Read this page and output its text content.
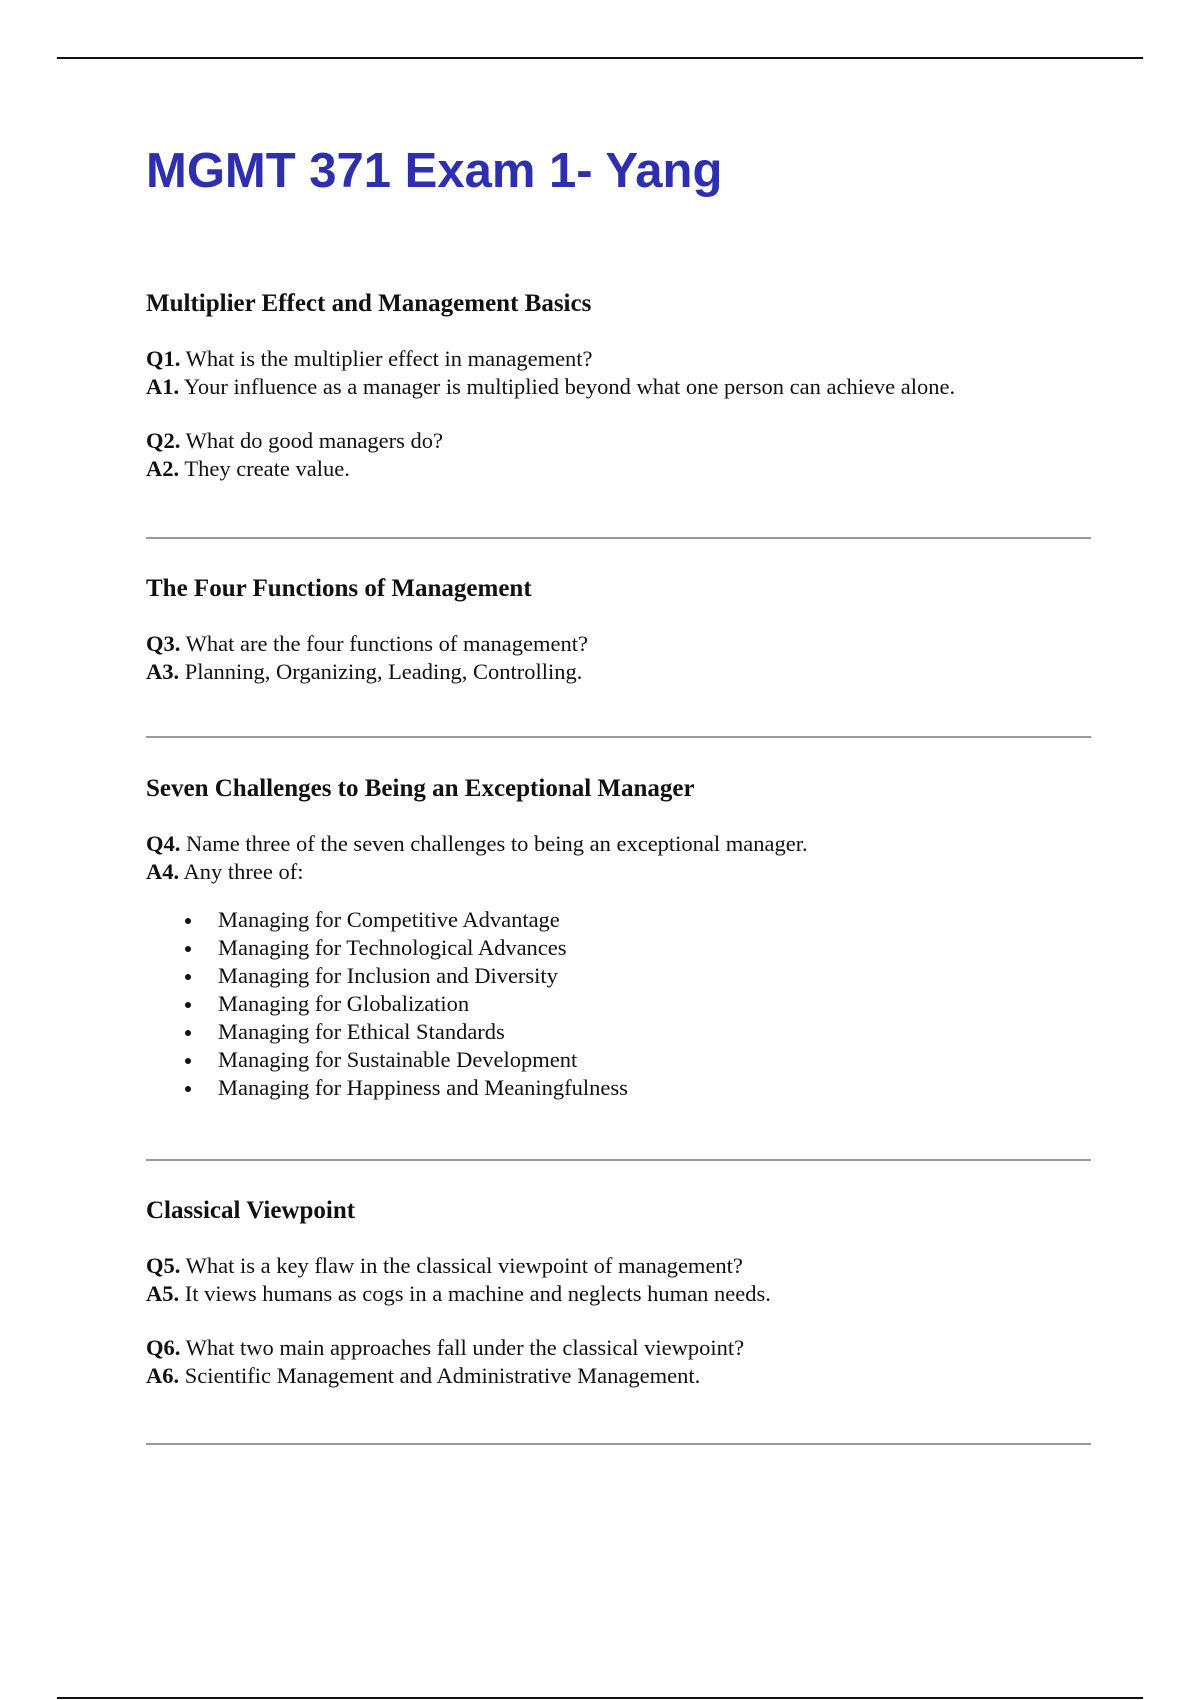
MGMT 371 Exam 1- Yang
Multiplier Effect and Management Basics
Q1. What is the multiplier effect in management?
A1. Your influence as a manager is multiplied beyond what one person can achieve alone.
Q2. What do good managers do?
A2. They create value.
The Four Functions of Management
Q3. What are the four functions of management?
A3. Planning, Organizing, Leading, Controlling.
Seven Challenges to Being an Exceptional Manager
Q4. Name three of the seven challenges to being an exceptional manager.
A4. Any three of:
Managing for Competitive Advantage
Managing for Technological Advances
Managing for Inclusion and Diversity
Managing for Globalization
Managing for Ethical Standards
Managing for Sustainable Development
Managing for Happiness and Meaningfulness
Classical Viewpoint
Q5. What is a key flaw in the classical viewpoint of management?
A5. It views humans as cogs in a machine and neglects human needs.
Q6. What two main approaches fall under the classical viewpoint?
A6. Scientific Management and Administrative Management.
